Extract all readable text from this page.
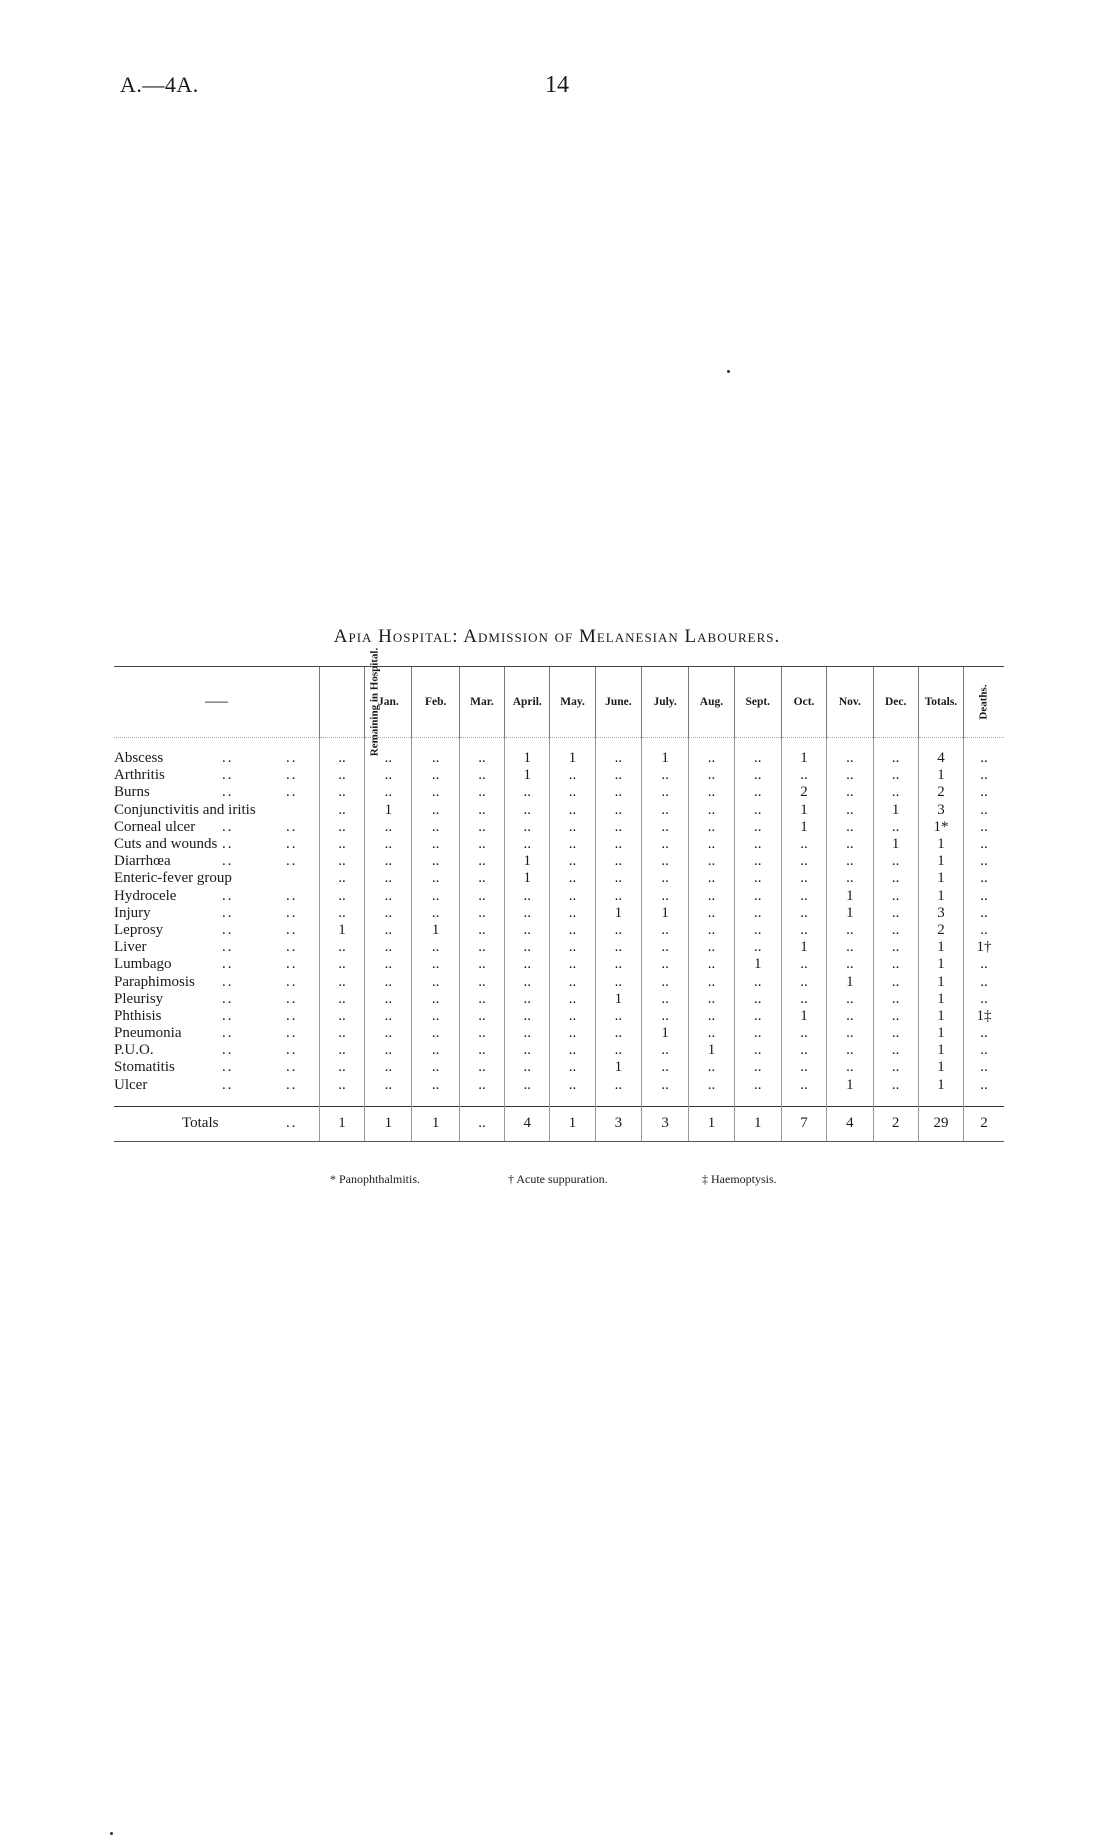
A.—4A.	14
Apia Hospital: Admission of Melanesian Labourers.
——	Remaining in Hospital.	Jan.	Feb.	Mar.	April.	May.	June.	July.	Aug.	Sept.	Oct.	Nov.	Dec.	Totals.	Deaths.

Abscess .. ..	..	..	..	..	1	1	..	1	..	..	1	..	..	4	..
Arthritis .. ..	..	..	..	..	1	..	..	..	..	..	..	..	..	1	..
Burns .. ..	..	..	..	..	..	..	..	..	..	..	2	..	..	2	..
Conjunctivitis and iritis	..	1	..	..	..	..	..	..	..	..	1	..	1	3	..
Corneal ulcer .. ..	..	..	..	..	..	..	..	..	..	..	1	..	..	1*	..
Cuts and wounds .. ..	..	..	..	..	..	..	..	..	..	..	..	..	1	1	..
Diarrhœa .. ..	..	..	..	..	1	..	..	..	..	..	..	..	..	1	..
Enteric-fever group	..	..	..	..	1	..	..	..	..	..	..	..	..	1	..
Hydrocele .. ..	..	..	..	..	..	..	..	..	..	..	..	1	..	1	..
Injury .. ..	..	..	..	..	..	..	1	1	..	..	..	1	..	3	..
Leprosy .. ..	1	..	1	..	..	..	..	..	..	..	..	..	..	2	..
Liver .. ..	..	..	..	..	..	..	..	..	..	..	1	..	..	1	1†
Lumbago .. ..	..	..	..	..	..	..	..	..	..	1	..	..	..	1	..
Paraphimosis .. ..	..	..	..	..	..	..	..	..	..	..	..	1	..	1	..
Pleurisy .. ..	..	..	..	..	..	..	1	..	..	..	..	..	..	1	..
Phthisis .. ..	..	..	..	..	..	..	..	..	..	..	1	..	..	1	1‡
Pneumonia .. ..	..	..	..	..	..	..	..	1	..	..	..	..	..	1	..
P.U.O. .. ..	..	..	..	..	..	..	..	..	1	..	..	..	..	1	..
Stomatitis .. ..	..	..	..	..	..	..	1	..	..	..	..	..	..	1	..
Ulcer .. ..	..	..	..	..	..	..	..	..	..	..	..	1	..	1	..

Totals ..	1	1	1	..	4	1	3	3	1	1	7	4	2	29	2
* Panophthalmitis.	† Acute suppuration.	‡ Haemoptysis.
